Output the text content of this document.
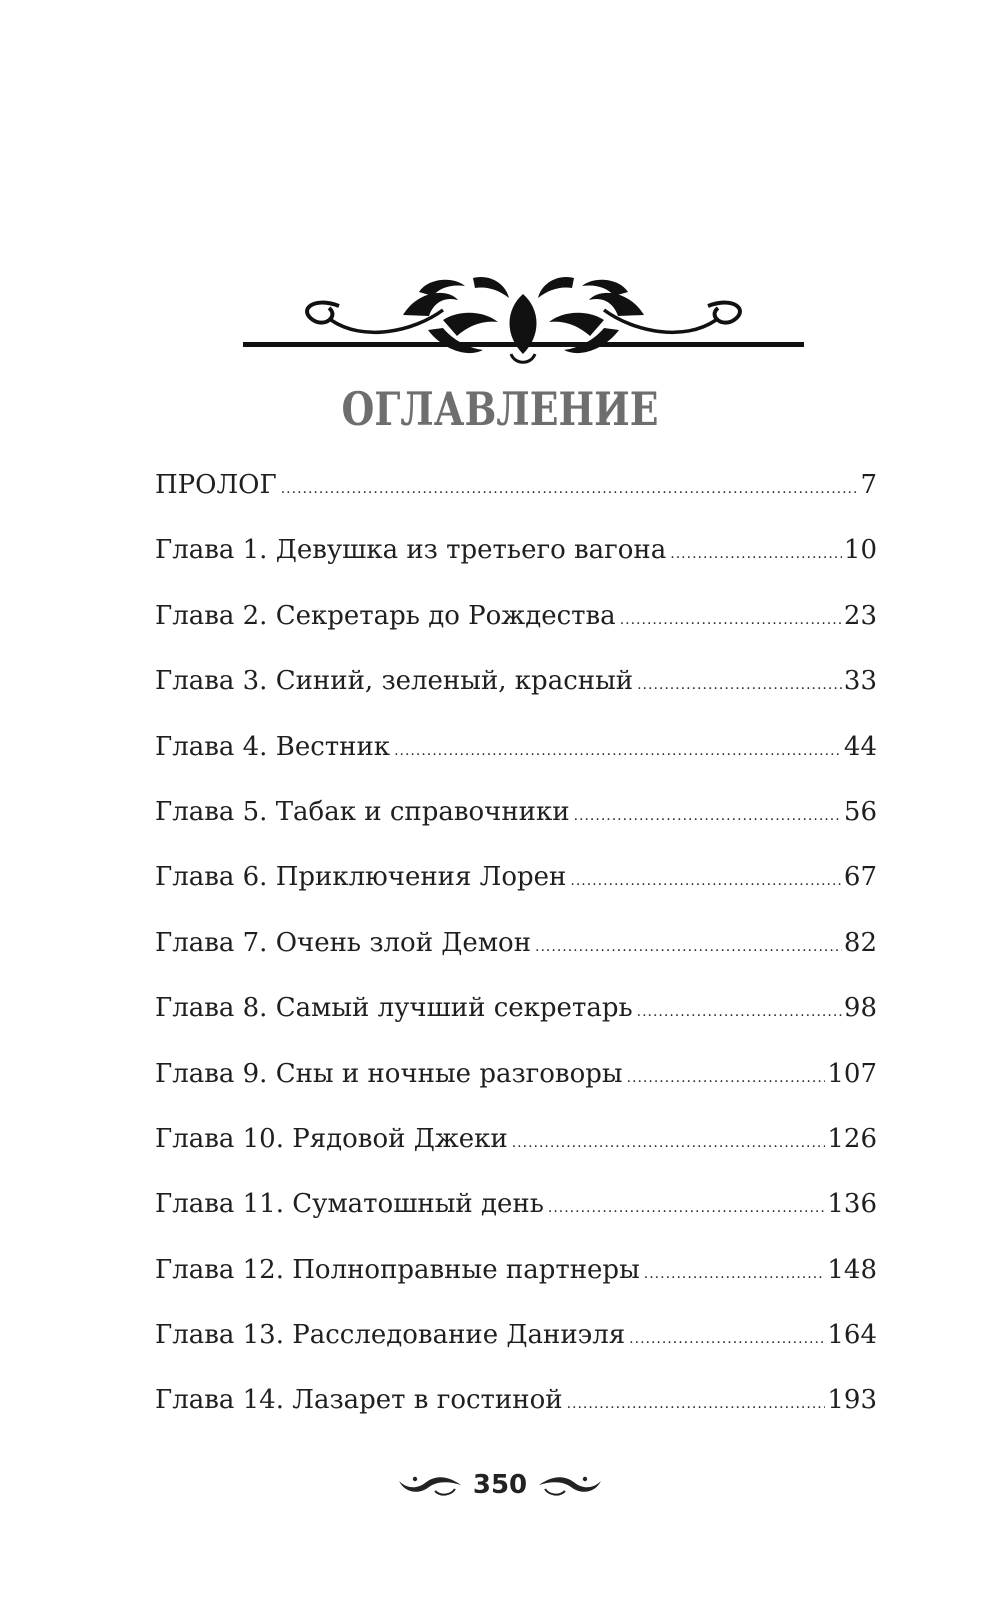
ОГЛАВЛЕНИЕ
ПРОЛОГ .....	7
Глава 1. Девушка из третьего вагона .....	10
Глава 2. Секретарь до Рождества .....	23
Глава 3. Синий, зеленый, красный .....	33
Глава 4. Вестник .....	44
Глава 5. Табак и справочники .....	56
Глава 6. Приключения Лорен .....	67
Глава 7. Очень злой Демон .....	82
Глава 8. Самый лучший секретарь .....	98
Глава 9. Сны и ночные разговоры .....	107
Глава 10. Рядовой Джеки .....	126
Глава 11. Суматошный день .....	136
Глава 12. Полноправные партнеры .....	148
Глава 13. Расследование Даниэля .....	164
Глава 14. Лазарет в гостиной .....	193
350
